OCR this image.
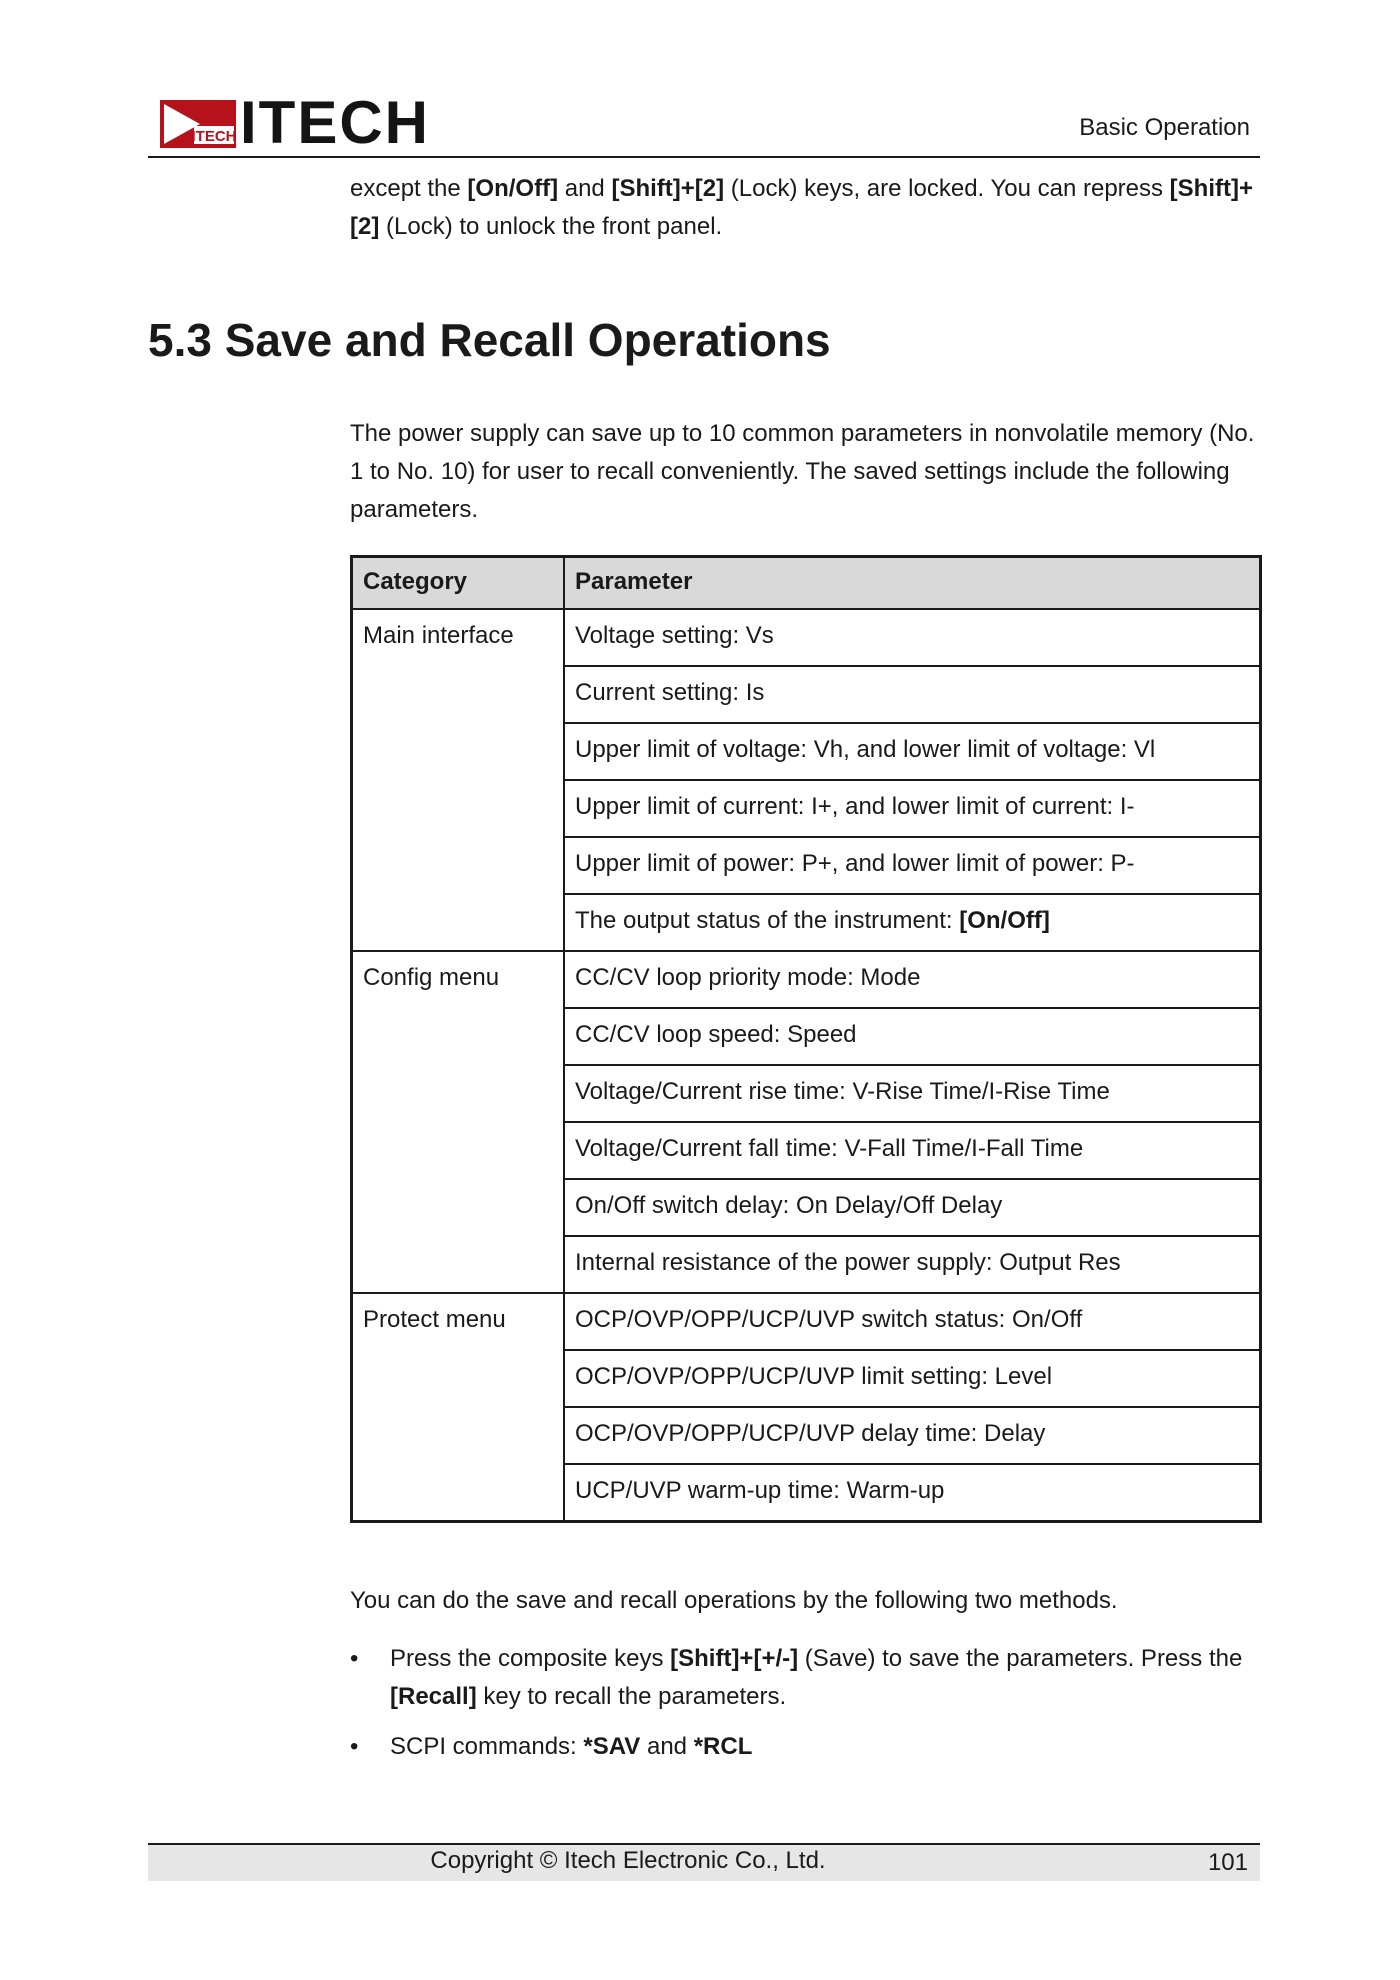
ITECH ITECH	Basic Operation

except the [On/Off] and [Shift]+[2] (Lock) keys, are locked. You can repress [Shift]+[2] (Lock) to unlock the front panel.

5.3 Save and Recall Operations

The power supply can save up to 10 common parameters in nonvolatile memory (No. 1 to No. 10) for user to recall conveniently. The saved settings include the following parameters.

Category	Parameter
Main interface	Voltage setting: Vs
	Current setting: Is
	Upper limit of voltage: Vh, and lower limit of voltage: Vl
	Upper limit of current: I+, and lower limit of current: I-
	Upper limit of power: P+, and lower limit of power: P-
	The output status of the instrument: [On/Off]
Config menu	CC/CV loop priority mode: Mode
	CC/CV loop speed: Speed
	Voltage/Current rise time: V-Rise Time/I-Rise Time
	Voltage/Current fall time: V-Fall Time/I-Fall Time
	On/Off switch delay: On Delay/Off Delay
	Internal resistance of the power supply: Output Res
Protect menu	OCP/OVP/OPP/UCP/UVP switch status: On/Off
	OCP/OVP/OPP/UCP/UVP limit setting: Level
	OCP/OVP/OPP/UCP/UVP delay time: Delay
	UCP/UVP warm-up time: Warm-up

You can do the save and recall operations by the following two methods.

• Press the composite keys [Shift]+[+/-] (Save) to save the parameters. Press the [Recall] key to recall the parameters.
• SCPI commands: *SAV and *RCL
Copyright © Itech Electronic Co., Ltd.	101
